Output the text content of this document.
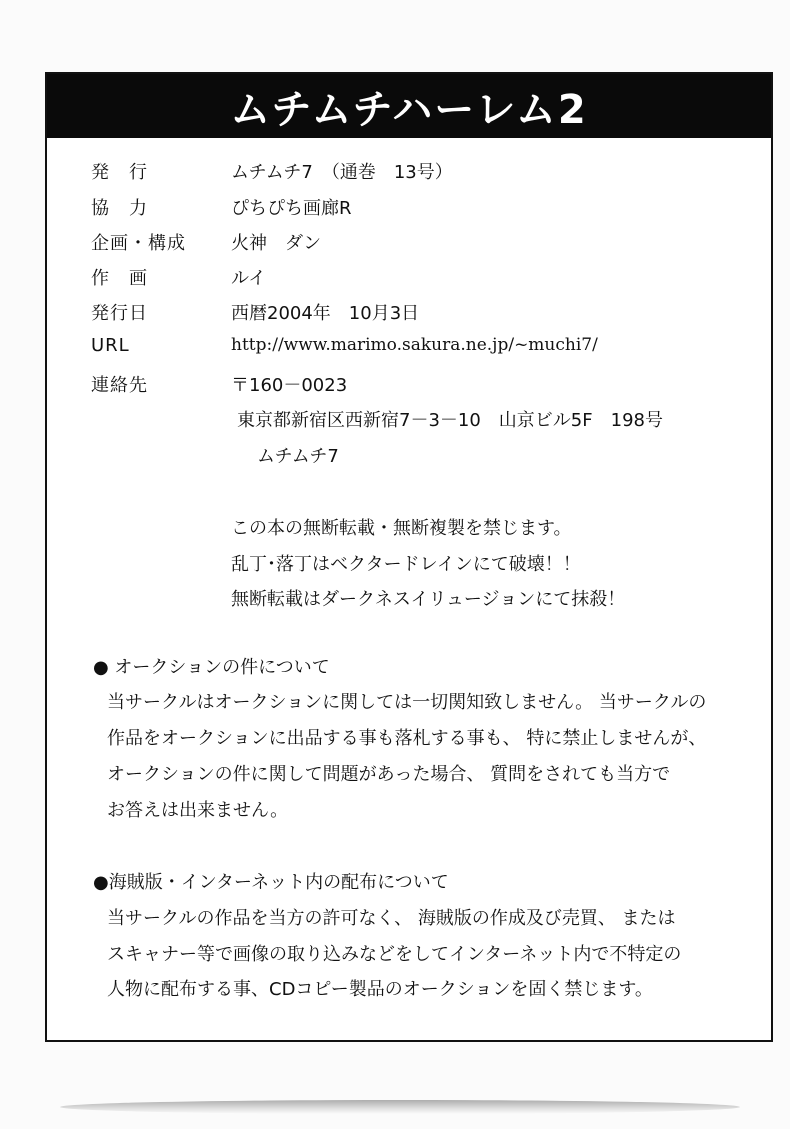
ムチムチハーレム2
発　行	ムチムチ7　（通巻　13号）
協　力	ぴちぴち画廊R
企画・構成	火神　ダン
作　画	ルイ
発行日	西暦2004年　10月3日
URL	http://www.marimo.sakura.ne.jp/~muchi7/
連絡先	〒160－0023
東京都新宿区西新宿7－3－10　山京ビル5F　198号
ムチムチ7
この本の無断転載・無断複製を禁じます。
乱丁･落丁はベクタードレインにて破壊！！
無断転載はダークネスイリュージョンにて抹殺！
● オークションの件について
当サークルはオークションに関しては一切関知致しません。 当サークルの
作品をオークションに出品する事も落札する事も、 特に禁止しませんが、
オークションの件に関して問題があった場合、 質問をされても当方で
お答えは出来ません。
●海賊版・インターネット内の配布について
当サークルの作品を当方の許可なく、 海賊版の作成及び売買、 または
スキャナー等で画像の取り込みなどをしてインターネット内で不特定の
人物に配布する事、CDコピー製品のオークションを固く禁じます。
